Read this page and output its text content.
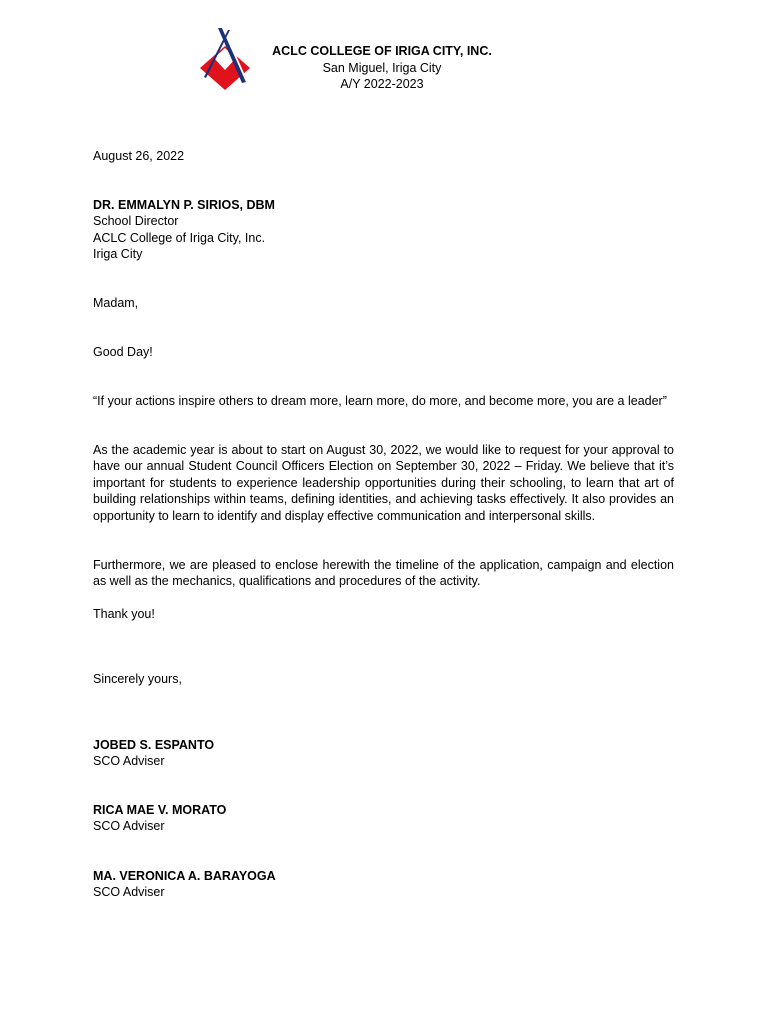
ACLC COLLEGE OF IRIGA CITY, INC.
San Miguel, Iriga City
A/Y 2022-2023
August 26, 2022
DR. EMMALYN P. SIRIOS, DBM
School Director
ACLC College of Iriga City, Inc.
Iriga City
Madam,
Good Day!
“If your actions inspire others to dream more, learn more, do more, and become more, you are a leader”
As the academic year is about to start on August 30, 2022, we would like to request for your approval to have our annual Student Council Officers Election on September 30, 2022 – Friday. We believe that it’s important for students to experience leadership opportunities during their schooling, to learn that art of building relationships within teams, defining identities, and achieving tasks effectively. It also provides an opportunity to learn to identify and display effective communication and interpersonal skills.
Furthermore, we are pleased to enclose herewith the timeline of the application, campaign and election as well as the mechanics, qualifications and procedures of the activity.
Thank you!
Sincerely yours,
JOBED S. ESPANTO
SCO Adviser
RICA MAE V. MORATO
SCO Adviser
MA. VERONICA A. BARAYOGA
SCO Adviser
